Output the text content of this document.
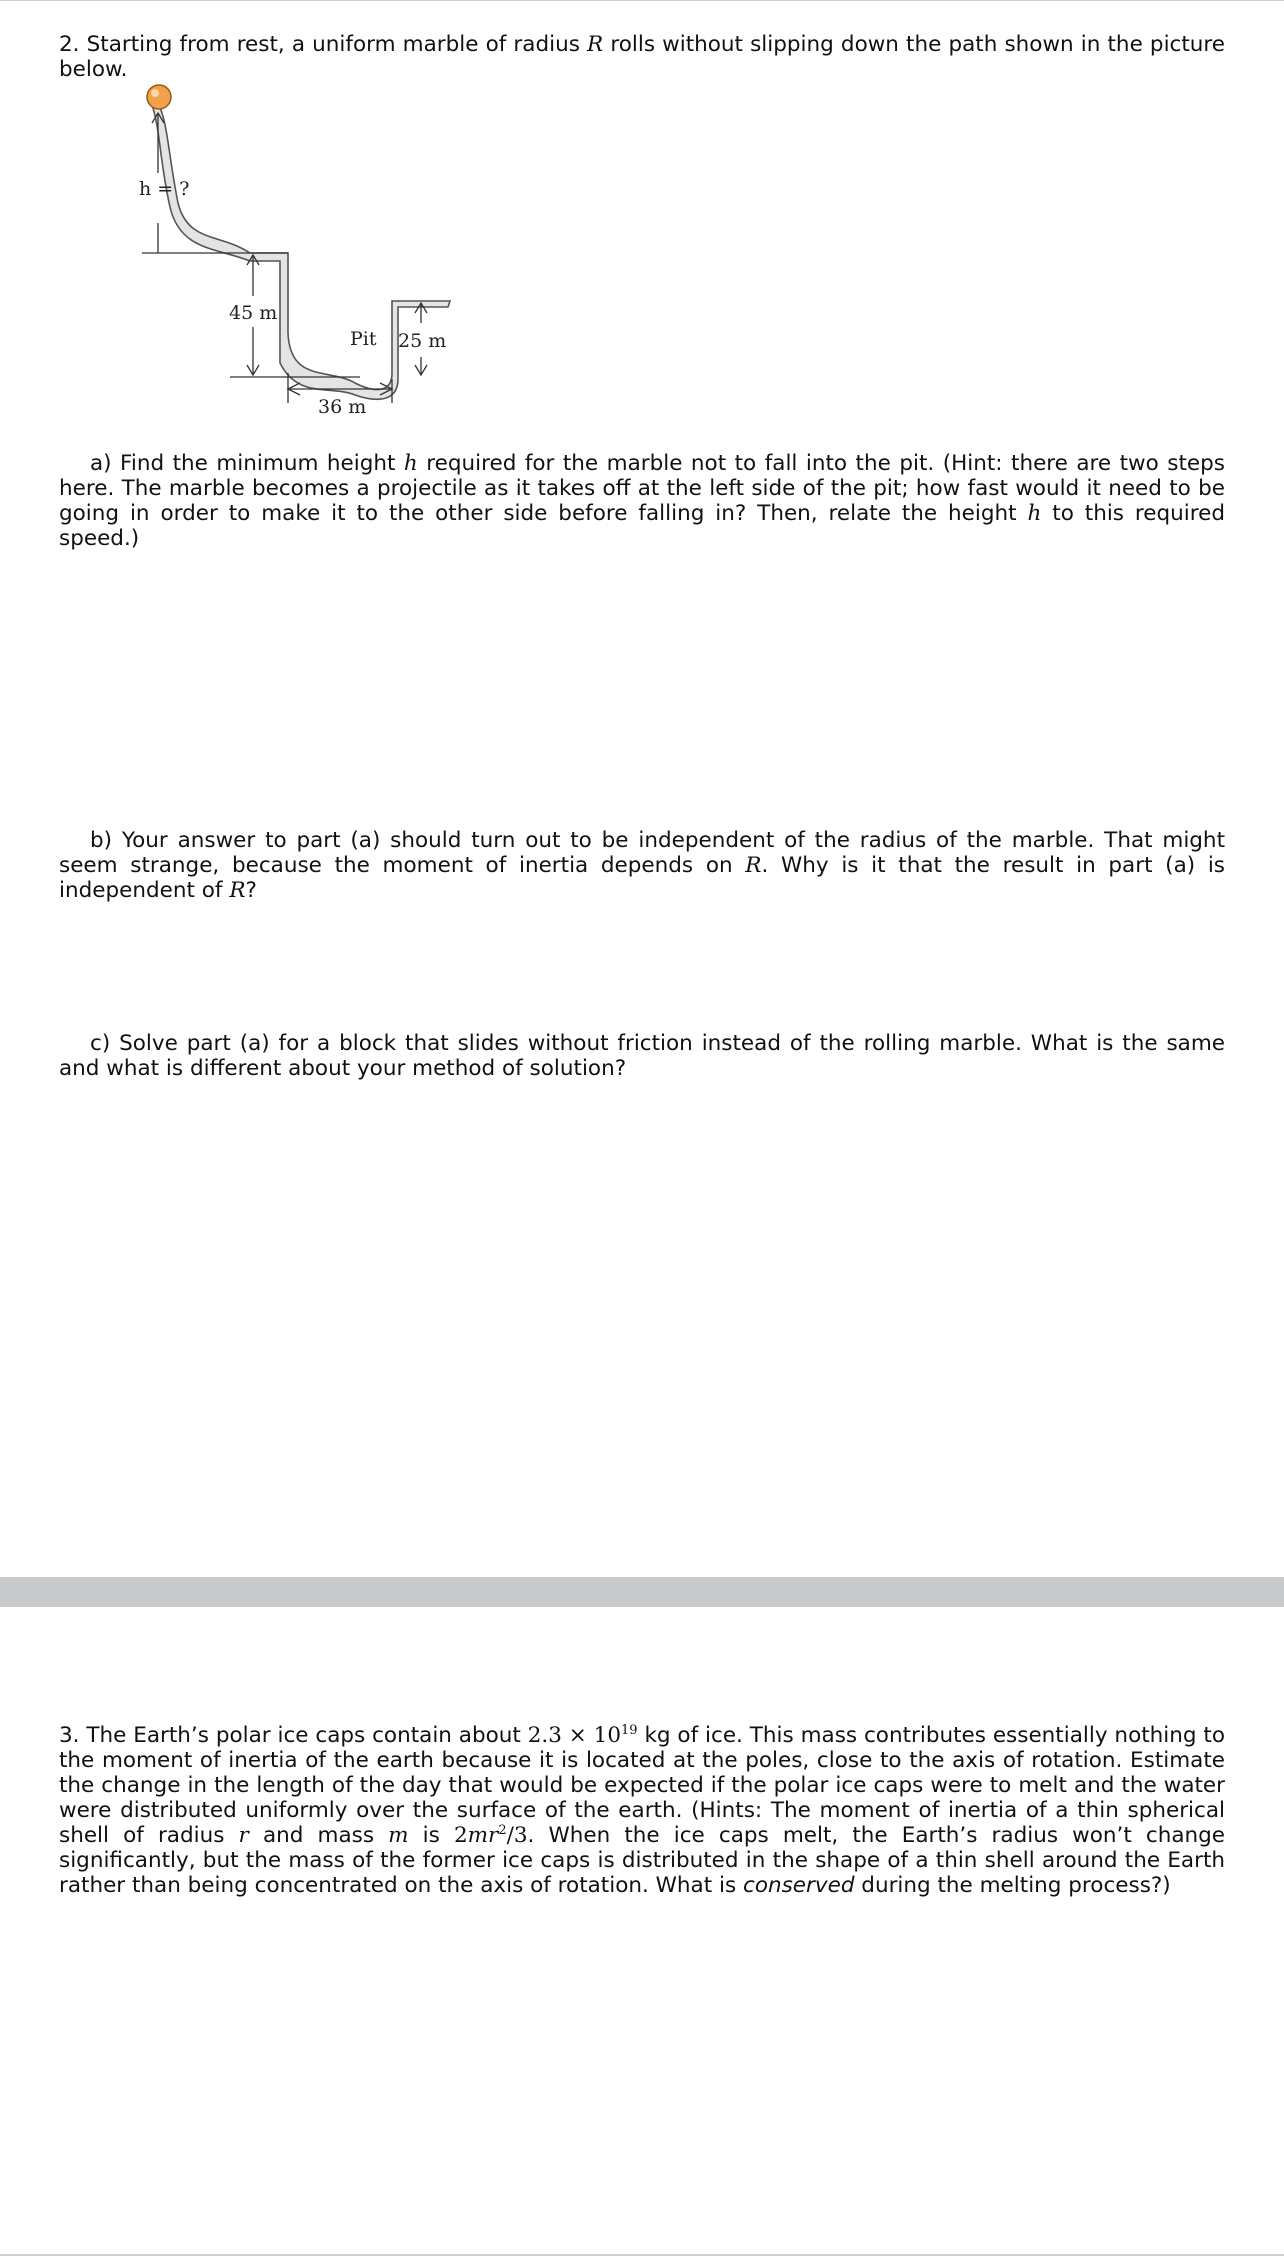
2. Starting from rest, a uniform marble of radius R rolls without slipping down the path shown in the picture below.

h = ?
45 m
Pit 25 m
36 m

a) Find the minimum height h required for the marble not to fall into the pit. (Hint: there are two steps here. The marble becomes a projectile as it takes off at the left side of the pit; how fast would it need to be going in order to make it to the other side before falling in? Then, relate the height h to this required speed.)

b) Your answer to part (a) should turn out to be independent of the radius of the marble. That might seem strange, because the moment of inertia depends on R. Why is it that the result in part (a) is independent of R?

c) Solve part (a) for a block that slides without friction instead of the rolling marble. What is the same and what is different about your method of solution?

3. The Earth’s polar ice caps contain about $2.3 \times 10^{19}$ kg of ice. This mass contributes essentially nothing to the moment of inertia of the earth because it is located at the poles, close to the axis of rotation. Estimate the change in the length of the day that would be expected if the polar ice caps were to melt and the water were distributed uniformly over the surface of the earth. (Hints: The moment of inertia of a thin spherical shell of radius r and mass m is $2mr^2/3$. When the ice caps melt, the Earth’s radius won’t change significantly, but the mass of the former ice caps is distributed in the shape of a thin shell around the Earth rather than being concentrated on the axis of rotation. What is conserved during the melting process?)
